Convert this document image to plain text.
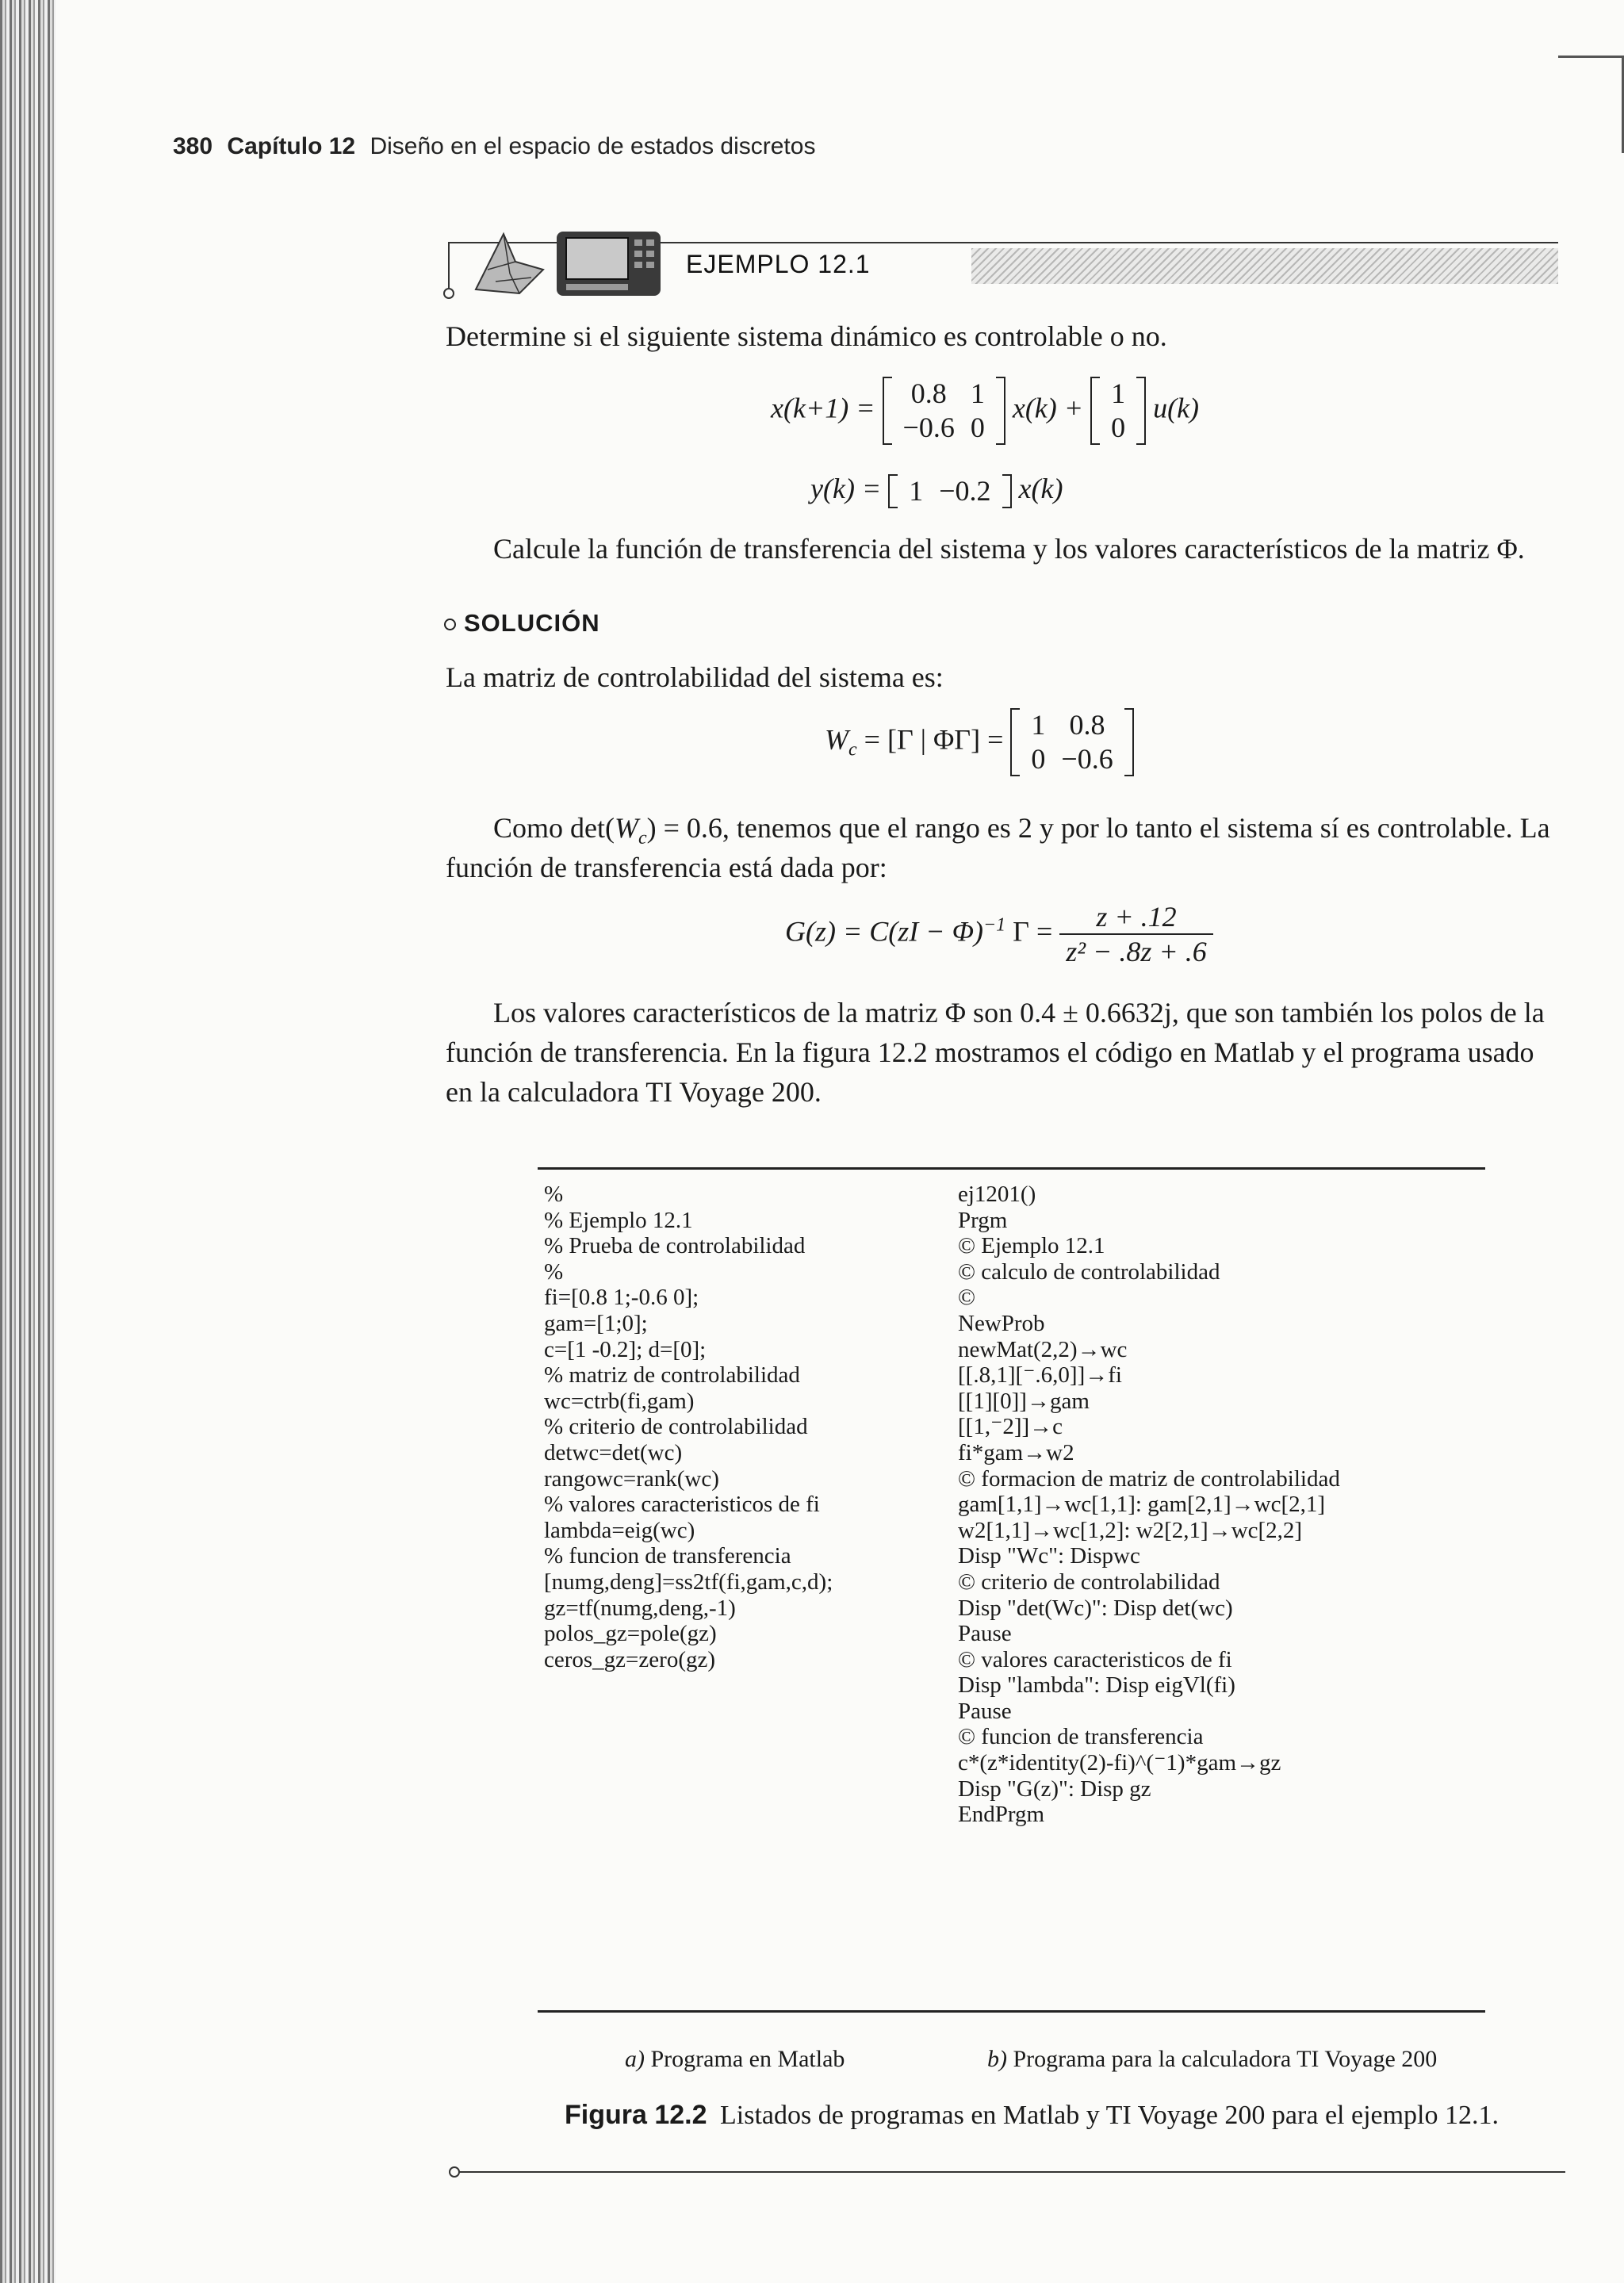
380 Capítulo 12 Diseño en el espacio de estados discretos
EJEMPLO 12.1
Determine si el siguiente sistema dinámico es controlable o no.
x(k+1) = 0.8	1
−0.6	0
x(k) + 1
0
u(k)
y(k) = 1	−0.2 x(k)
Calcule la función de transferencia del sistema y los valores característicos de la matriz Φ.
SOLUCIÓN
La matriz de controlabilidad del sistema es:
$W_c = [\Gamma$ | ΦΓ] = 1	0.8
0	−0.6
Como $\det(W_c) = 0.6$, tenemos que el rango es 2 y por lo tanto el sistema sí es controlable. La
función de transferencia está dada por:
G(z) = C(zI − Φ)$^{-1}$ $\Gamma = \frac{z + .12}{\text{z² − .8z + .6}}$
Los valores característicos de la matriz Φ son 0.4 ± 0.6632j, que son también los polos de la
función de transferencia. En la figura 12.2 mostramos el código en Matlab y el programa usado
en la calculadora TI Voyage 200.
%
% Ejemplo 12.1
% Prueba de controlabilidad
%
fi=[0.8 1;-0.6 0];
gam=[1;0];
c=[1 -0.2]; d=[0];
% matriz de controlabilidad
wc=ctrb(fi,gam)
% criterio de controlabilidad
detwc=det(wc)
rangowc=rank(wc)
% valores caracteristicos de fi
lambda=eig(wc)
% funcion de transferencia
[numg,deng]=ss2tf(fi,gam,c,d);
gz=tf(numg,deng,-1)
polos_gz=pole(gz)
ceros_gz=zero(gz)
ej1201()
Prgm
© Ejemplo 12.1
© calculo de controlabilidad
©
NewProb
newMat(2,2)→wc
[[.8,1][⁻.6,0]]→fi
[[1][0]]→gam
[[1,⁻2]]→c
fi*gam→w2
© formacion de matriz de controlabilidad
gam[1,1]→wc[1,1]: gam[2,1]→wc[2,1]
w2[1,1]→wc[1,2]: w2[2,1]→wc[2,2]
Disp "Wc": Dispwc
© criterio de controlabilidad
Disp "det(Wc)": Disp det(wc)
Pause
© valores caracteristicos de fi
Disp "lambda": Disp eigVl(fi)
Pause
© funcion de transferencia
c*(z*identity(2)-fi)^(⁻1)*gam→gz
Disp "G(z)": Disp gz
EndPrgm
a) Programa en Matlab	b) Programa para la calculadora TI Voyage 200
Figura 12.2 Listados de programas en Matlab y TI Voyage 200 para el ejemplo 12.1.
